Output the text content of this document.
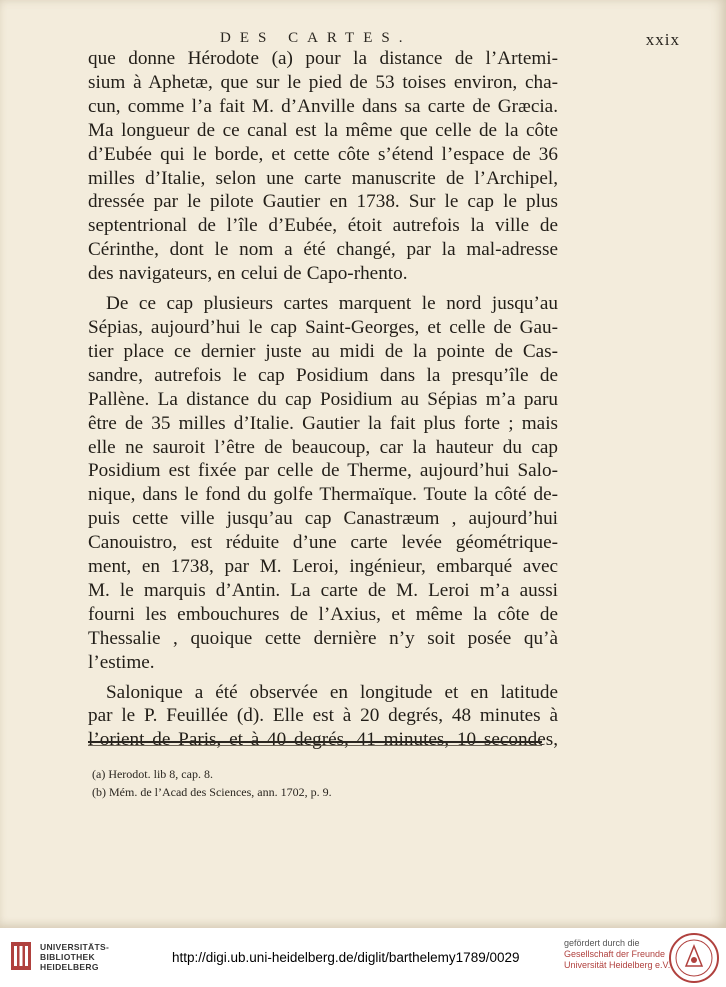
DES CARTES.	xxix
que donne Hérodote (a) pour la distance de l’Artemi-
sium à Aphetæ, que sur le pied de 53 toises environ, cha-
cun, comme l’a fait M. d’Anville dans sa carte de Græcia.
Ma longueur de ce canal est la même que celle de la côte
d’Eubée qui le borde, et cette côte s’étend l’espace de 36
milles d’Italie, selon une carte manuscrite de l’Archipel,
dressée par le pilote Gautier en 1738. Sur le cap le plus
septentrional de l’île d’Eubée, étoit autrefois la ville de
Cérinthe, dont le nom a été changé, par la mal-adresse
des navigateurs, en celui de Capo-rhento.
De ce cap plusieurs cartes marquent le nord jusqu’au
Sépias, aujourd’hui le cap Saint-Georges, et celle de Gau-
tier place ce dernier juste au midi de la pointe de Cas-
sandre, autrefois le cap Posidium dans la presqu’île de
Pallène. La distance du cap Posidium au Sépias m’a paru
être de 35 milles d’Italie. Gautier la fait plus forte ; mais
elle ne sauroit l’être de beaucoup, car la hauteur du cap
Posidium est fixée par celle de Therme, aujourd’hui Salo-
nique, dans le fond du golfe Thermaïque. Toute la côté de-
puis cette ville jusqu’au cap Canastræum , aujourd’hui
Canouistro, est réduite d’une carte levée géométrique-
ment, en 1738, par M. Leroi, ingénieur, embarqué avec
M. le marquis d’Antin. La carte de M. Leroi m’a aussi
fourni les embouchures de l’Axius, et même la côte de
Thessalie , quoique cette dernière n’y soit posée qu’à
l’estime.
Salonique a été observée en longitude et en latitude
par le P. Feuillée (d). Elle est à 20 degrés, 48 minutes à
l’orient de Paris, et à 40 degrés, 41 minutes, 10 secondes,
(a) Herodot. lib 8, cap. 8.
(b) Mém. de l’Acad des Sciences, ann. 1702, p. 9.
UNIVERSITÄTS-
BIBLIOTHEK
HEIDELBERG
http://digi.ub.uni-heidelberg.de/diglit/barthelemy1789/0029
gefördert durch die
Gesellschaft der Freunde
Universität Heidelberg e.V.
